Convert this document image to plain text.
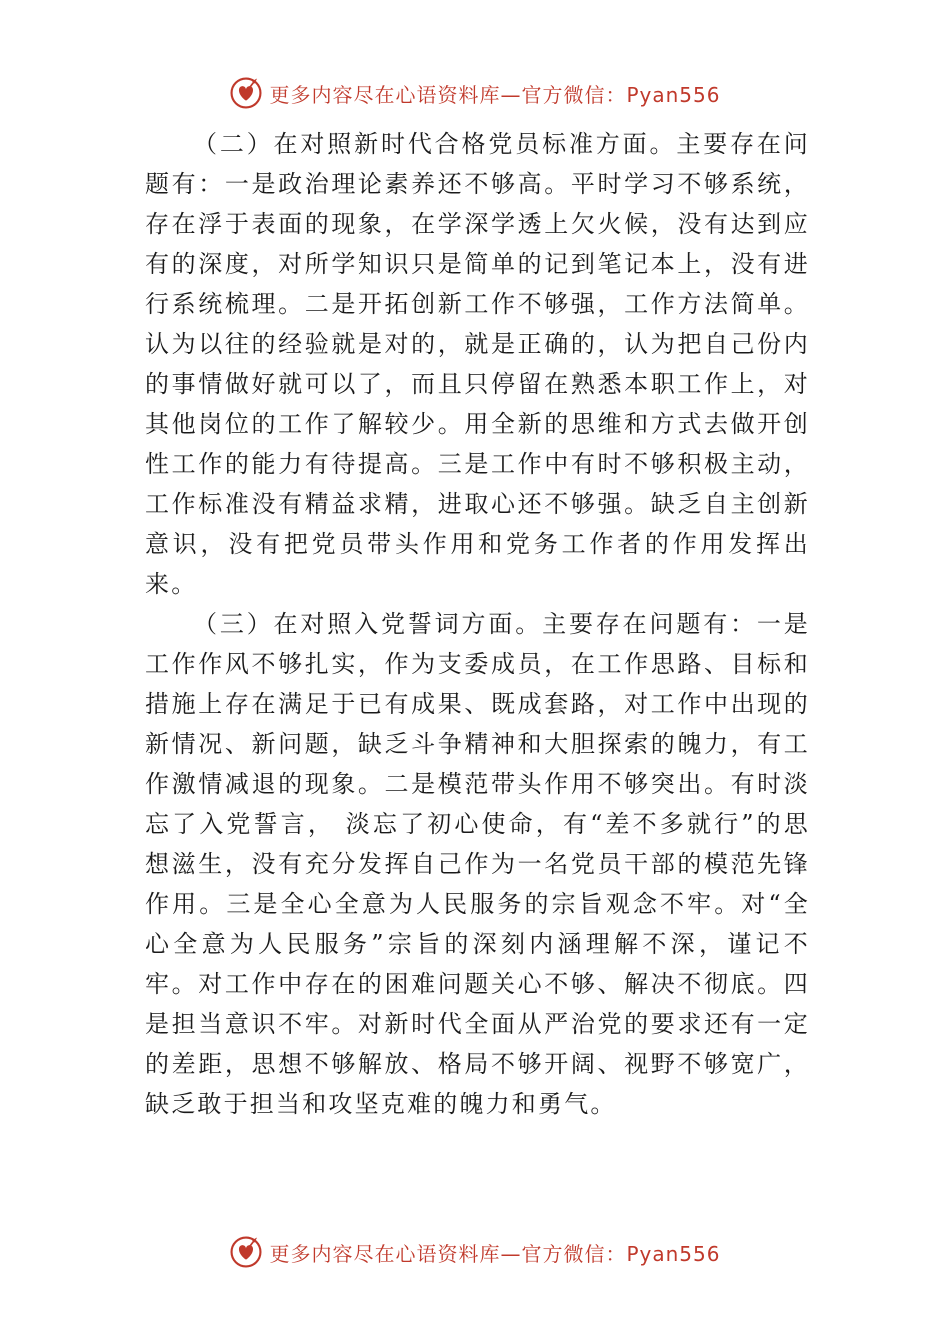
更多内容尽在心语资料库—官方微信：Pyan556

（二）在对照新时代合格党员标准方面。主要存在问题有：一是政治理论素养还不够高。平时学习不够系统，存在浮于表面的现象，在学深学透上欠火候，没有达到应有的深度，对所学知识只是简单的记到笔记本上，没有进行系统梳理。二是开拓创新工作不够强，工作方法简单。认为以往的经验就是对的，就是正确的，认为把自己份内的事情做好就可以了，而且只停留在熟悉本职工作上，对其他岗位的工作了解较少。用全新的思维和方式去做开创性工作的能力有待提高。三是工作中有时不够积极主动，工作标准没有精益求精，进取心还不够强。缺乏自主创新意识，没有把党员带头作用和党务工作者的作用发挥出来。

（三）在对照入党誓词方面。主要存在问题有：一是工作作风不够扎实，作为支委成员，在工作思路、目标和措施上存在满足于已有成果、既成套路，对工作中出现的新情况、新问题，缺乏斗争精神和大胆探索的魄力，有工作激情减退的现象。二是模范带头作用不够突出。有时淡忘了入党誓言， 淡忘了初心使命，有“差不多就行”的思想滋生，没有充分发挥自己作为一名党员干部的模范先锋作用。三是全心全意为人民服务的宗旨观念不牢。对“全心全意为人民服务”宗旨的深刻内涵理解不深，谨记不牢。对工作中存在的困难问题关心不够、解决不彻底。四是担当意识不牢。对新时代全面从严治党的要求还有一定的差距，思想不够解放、格局不够开阔、视野不够宽广，缺乏敢于担当和攻坚克难的魄力和勇气。

更多内容尽在心语资料库—官方微信：Pyan556
